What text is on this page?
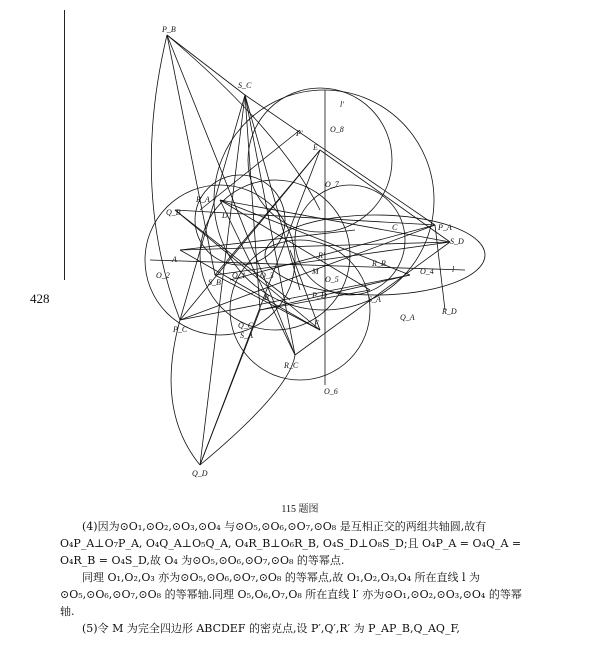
428
P_B
S_C
l'
O_8
P'
E
O_7
R_A
Q_B	D
C	P_A
S_D
A
O_2
S_B
O_1 O_3
R'
M
O_5
R_B
O_4 l
P_C
S_A
R_D
Q_A
F
P_D
Q_C
S_A
R_C
O_6
Q_D
B
115 题图

(4)因为⊙O₁,⊙O₂,⊙O₃,⊙O₄ 与⊙O₅,⊙O₆,⊙O₇,⊙O₈ 是互相正交的两组共轴圆,故有 O₄P_A⊥O₇P_A, O₄Q_A⊥O₅Q_A, O₄R_B⊥O₆R_B, O₄S_D⊥O₈S_D;且 O₄P_A = O₄Q_A = O₄R_B = O₄S_D,故 O₄ 为⊙O₅,⊙O₆,⊙O₇,⊙O₈ 的等幂点.

同理 O₁,O₂,O₃ 亦为⊙O₅,⊙O₆,⊙O₇,⊙O₈ 的等幂点,故 O₁,O₂,O₃,O₄ 所在直线 l 为⊙O₅,⊙O₆,⊙O₇,⊙O₈ 的等幂轴.同理 O₅,O₆,O₇,O₈ 所在直线 l′ 亦为⊙O₁,⊙O₂,⊙O₃,⊙O₄ 的等幂轴.

(5)令 M 为完全四边形 ABCDEF 的密克点,设 P′,Q′,R′ 为 P_AP_B,Q_AQ_F,
